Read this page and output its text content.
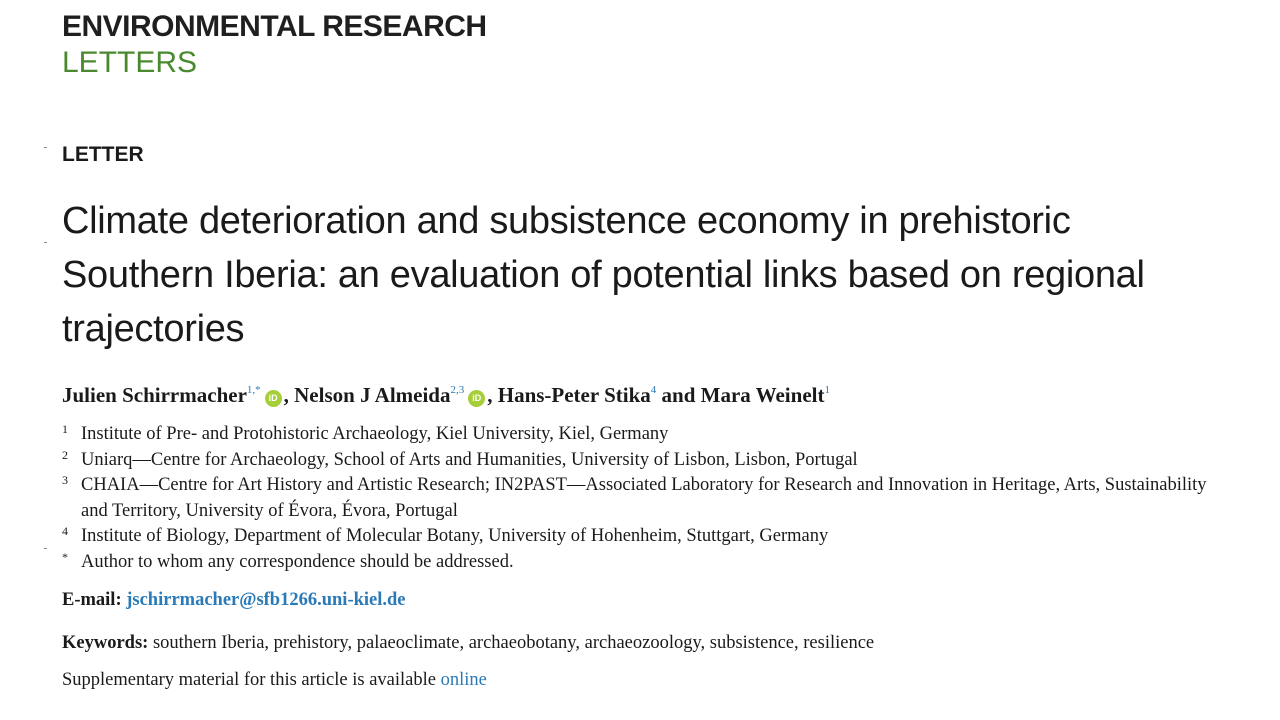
ENVIRONMENTAL RESEARCH
LETTERS
LETTER
Climate deterioration and subsistence economy in prehistoric Southern Iberia: an evaluation of potential links based on regional trajectories
Julien Schirrmacher$^{1,*}$iD , Nelson J Almeida$^{2,3}$iD , Hans-Peter Stika$^4$ and Mara Weinelt$^1$
1 Institute of Pre- and Protohistoric Archaeology, Kiel University, Kiel, Germany
2 Uniarq—Centre for Archaeology, School of Arts and Humanities, University of Lisbon, Lisbon, Portugal
3 CHAIA—Centre for Art History and Artistic Research; IN2PAST—Associated Laboratory for Research and Innovation in Heritage, Arts, Sustainability and Territory, University of Évora, Évora, Portugal
4 Institute of Biology, Department of Molecular Botany, University of Hohenheim, Stuttgart, Germany
* Author to whom any correspondence should be addressed.
E-mail: jschirrmacher@sfb1266.uni-kiel.de
Keywords: southern Iberia, prehistory, palaeoclimate, archaeobotany, archaeozoology, subsistence, resilience
Supplementary material for this article is available online
